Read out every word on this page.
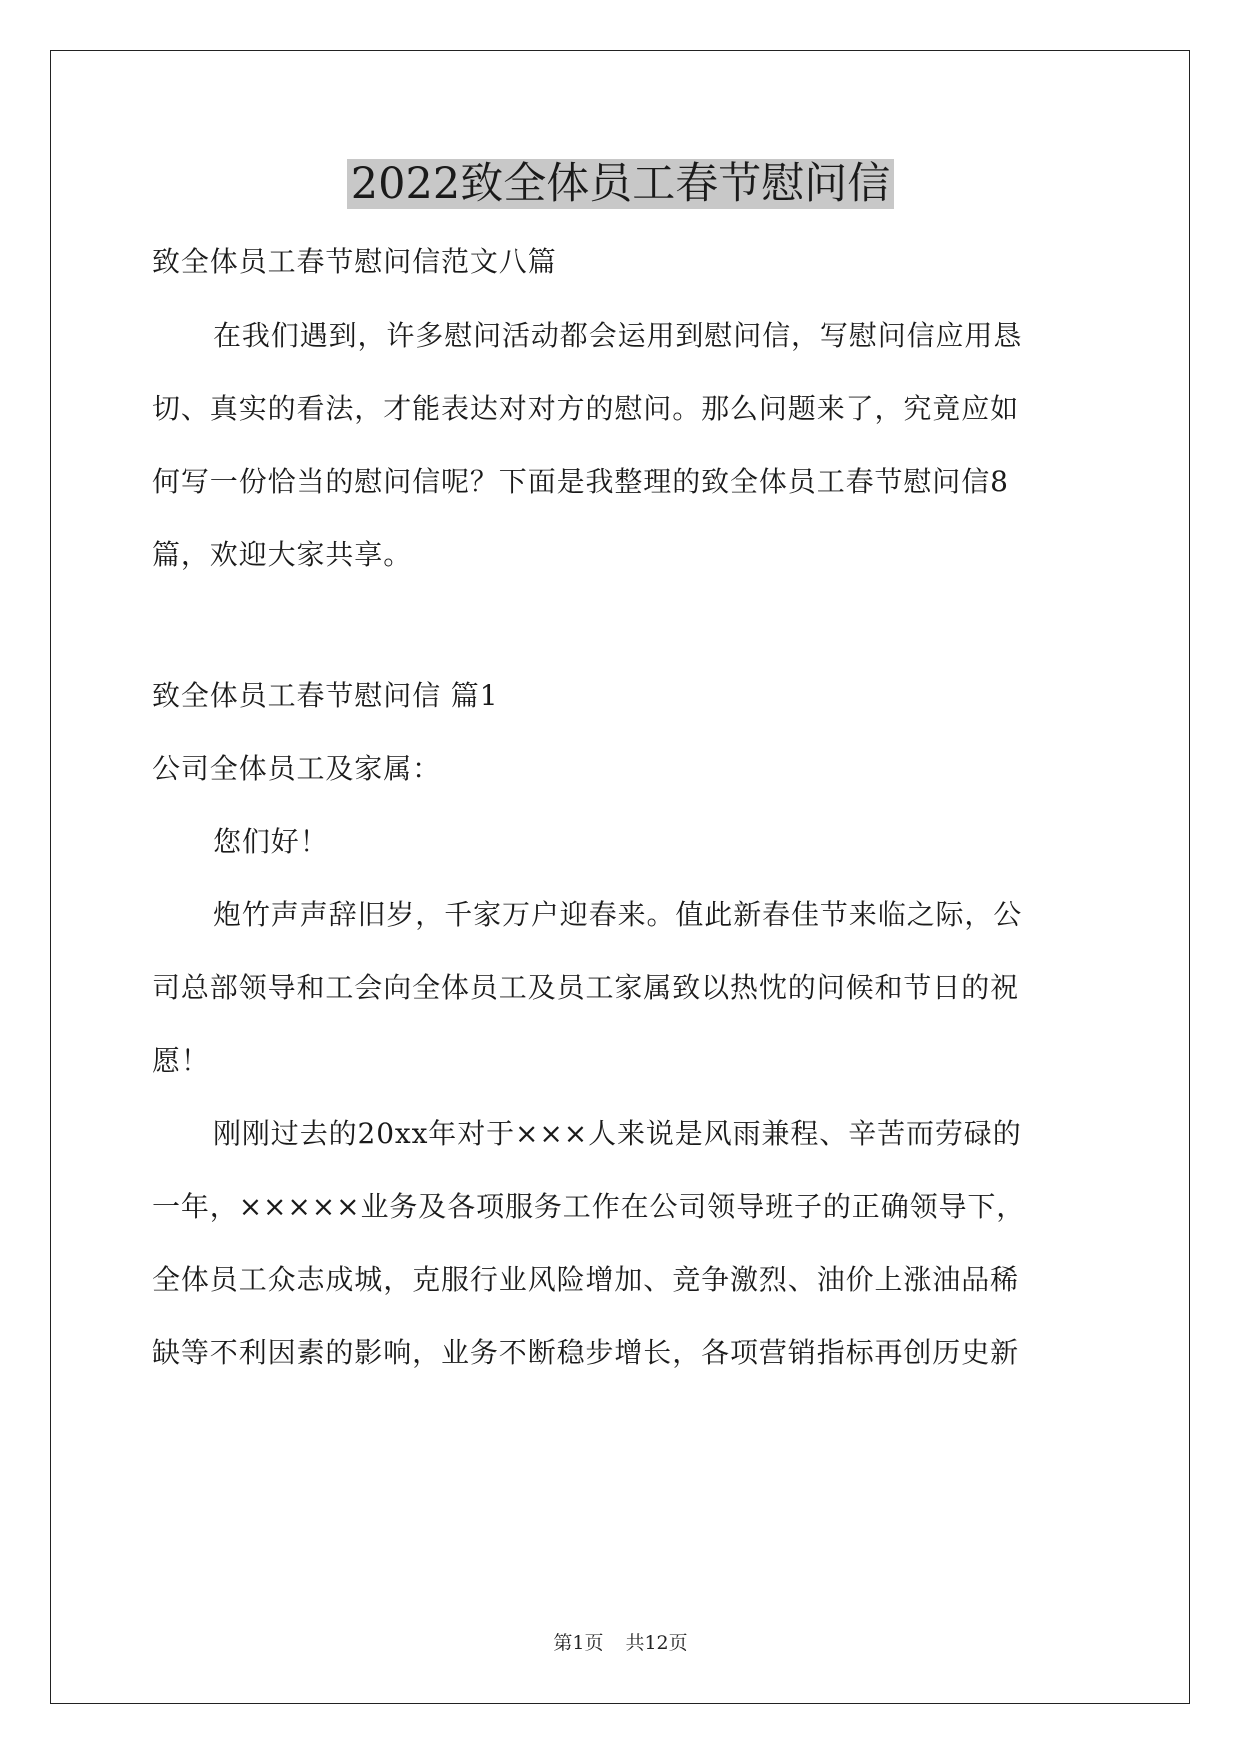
2022致全体员工春节慰问信
致全体员工春节慰问信范文八篇
在我们遇到，许多慰问活动都会运用到慰问信，写慰问信应用恳
切、真实的看法，才能表达对对方的慰问。那么问题来了，究竟应如
何写一份恰当的慰问信呢？下面是我整理的致全体员工春节慰问信8
篇，欢迎大家共享。
致全体员工春节慰问信 篇1
公司全体员工及家属：
您们好！
炮竹声声辞旧岁，千家万户迎春来。值此新春佳节来临之际，公
司总部领导和工会向全体员工及员工家属致以热忱的问候和节日的祝
愿！
刚刚过去的20xx年对于×××人来说是风雨兼程、辛苦而劳碌的
一年，×××××业务及各项服务工作在公司领导班子的正确领导下，
全体员工众志成城，克服行业风险增加、竞争激烈、油价上涨油品稀
缺等不利因素的影响，业务不断稳步增长，各项营销指标再创历史新
第1页 共12页
